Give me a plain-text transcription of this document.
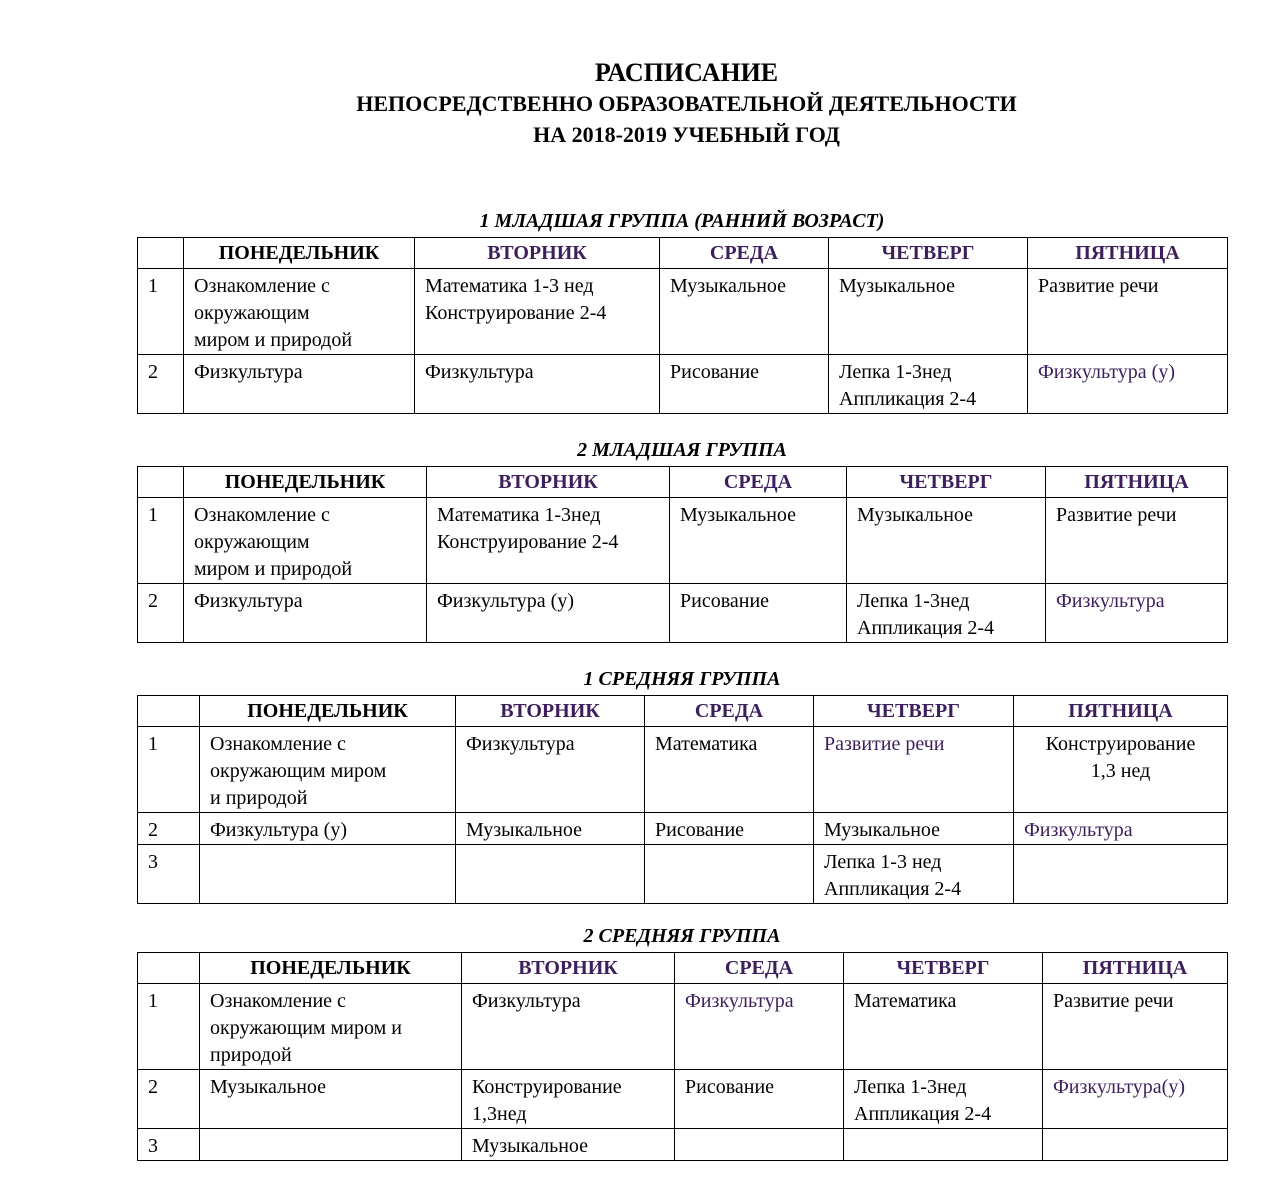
РАСПИСАНИЕ
НЕПОСРЕДСТВЕННО ОБРАЗОВАТЕЛЬНОЙ ДЕЯТЕЛЬНОСТИ
НА 2018-2019 УЧЕБНЫЙ ГОД
1 МЛАДШАЯ ГРУППА (РАННИЙ ВОЗРАСТ)
	ПОНЕДЕЛЬНИК	ВТОРНИК	СРЕДА	ЧЕТВЕРГ	ПЯТНИЦА
1	Ознакомление с
окружающим
миром и природой	Математика 1-3 нед
Конструирование 2-4	Музыкальное	Музыкальное	Развитие речи
2	Физкультура	Физкультура	Рисование	Лепка 1-3нед
Аппликация 2-4	Физкультура (у)
2 МЛАДШАЯ ГРУППА
	ПОНЕДЕЛЬНИК	ВТОРНИК	СРЕДА	ЧЕТВЕРГ	ПЯТНИЦА
1	Ознакомление с
окружающим
миром и природой	Математика 1-3нед
Конструирование 2-4	Музыкальное	Музыкальное	Развитие речи
2	Физкультура	Физкультура (у)	Рисование	Лепка 1-3нед
Аппликация 2-4	Физкультура
1 СРЕДНЯЯ ГРУППА
	ПОНЕДЕЛЬНИК	ВТОРНИК	СРЕДА	ЧЕТВЕРГ	ПЯТНИЦА
1	Ознакомление с
окружающим миром
и природой	Физкультура	Математика	Развитие речи	Конструирование
1,3 нед
2	Физкультура (у)	Музыкальное	Рисование	Музыкальное	Физкультура
3				Лепка 1-3 нед
Аппликация 2-4	
2 СРЕДНЯЯ ГРУППА
	ПОНЕДЕЛЬНИК	ВТОРНИК	СРЕДА	ЧЕТВЕРГ	ПЯТНИЦА
1	Ознакомление с
окружающим миром и
природой	Физкультура	Физкультура	Математика	Развитие речи
2	Музыкальное	Конструирование
1,3нед	Рисование	Лепка 1-3нед
Аппликация 2-4	Физкультура(у)
3		Музыкальное			
